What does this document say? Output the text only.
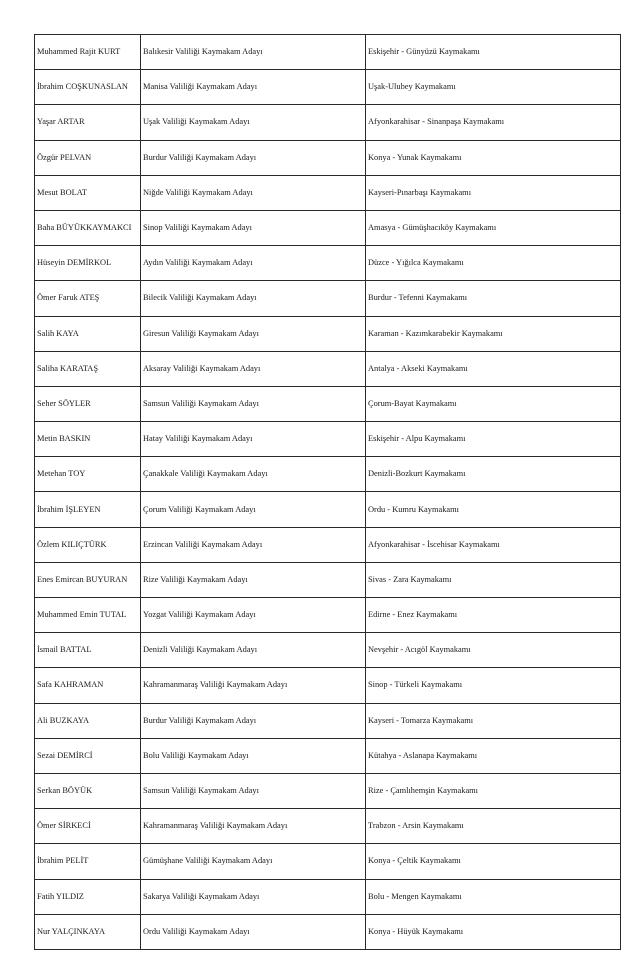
Muhammed Rajit KURT	Balıkesir Valiliği Kaymakam Adayı	Eskişehir - Günyüzü Kaymakamı
İbrahim COŞKUNASLAN	Manisa Valiliği Kaymakam Adayı	Uşak-Ulubey Kaymakamı
Yaşar ARTAR	Uşak Valiliği Kaymakam Adayı	Afyonkarahisar - Sinanpaşa Kaymakamı
Özgür PELVAN	Burdur Valiliği Kaymakam Adayı	Konya - Yunak Kaymakamı
Mesut BOLAT	Niğde Valiliği Kaymakam Adayı	Kayseri-Pınarbaşı Kaymakamı
Baha BÜYÜKKAYMAKCI	Sinop Valiliği Kaymakam Adayı	Amasya - Gümüşhacıköy Kaymakamı
Hüseyin DEMİRKOL	Aydın Valiliği Kaymakam Adayı	Düzce - Yığılca Kaymakamı
Ömer Faruk ATEŞ	Bilecik Valiliği Kaymakam Adayı	Burdur - Tefenni Kaymakamı
Salih KAYA	Giresun Valiliği Kaymakam Adayı	Karaman - Kazımkarabekir Kaymakamı
Saliha KARATAŞ	Aksaray Valiliği Kaymakam Adayı	Antalya - Akseki Kaymakamı
Seher SÖYLER	Samsun Valiliği Kaymakam Adayı	Çorum-Bayat Kaymakamı
Metin BASKIN	Hatay Valiliği Kaymakam Adayı	Eskişehir - Alpu Kaymakamı
Metehan TOY	Çanakkale Valiliği Kaymakam Adayı	Denizli-Bozkurt Kaymakamı
İbrahim İŞLEYEN	Çorum Valiliği Kaymakam Adayı	Ordu - Kumru Kaymakamı
Özlem KILIÇTÜRK	Erzincan Valiliği Kaymakam Adayı	Afyonkarahisar - İscehisar Kaymakamı
Enes Emircan BUYURAN	Rize Valiliği Kaymakam Adayı	Sivas - Zara Kaymakamı
Muhammed Emin TUTAL	Yozgat Valiliği Kaymakam Adayı	Edirne - Enez Kaymakamı
İsmail BATTAL	Denizli Valiliği Kaymakam Adayı	Nevşehir - Acıgöl Kaymakamı
Safa KAHRAMAN	Kahramanmaraş Valiliği Kaymakam Adayı	Sinop - Türkeli Kaymakamı
Ali BUZKAYA	Burdur Valiliği Kaymakam Adayı	Kayseri - Tomarza Kaymakamı
Sezai DEMİRCİ	Bolu Valiliği Kaymakam Adayı	Kütahya - Aslanapa Kaymakamı
Serkan BÖYÜK	Samsun Valiliği Kaymakam Adayı	Rize - Çamlıhemşin Kaymakamı
Ömer SİRKECİ	Kahramanmaraş Valiliği Kaymakam Adayı	Trabzon - Arsin Kaymakamı
İbrahim PELİT	Gümüşhane Valiliği Kaymakam Adayı	Konya - Çeltik Kaymakamı
Fatih YILDIZ	Sakarya Valiliği Kaymakam Adayı	Bolu - Mengen Kaymakamı
Nur YALÇINKAYA	Ordu Valiliği Kaymakam Adayı	Konya - Hüyük Kaymakamı
